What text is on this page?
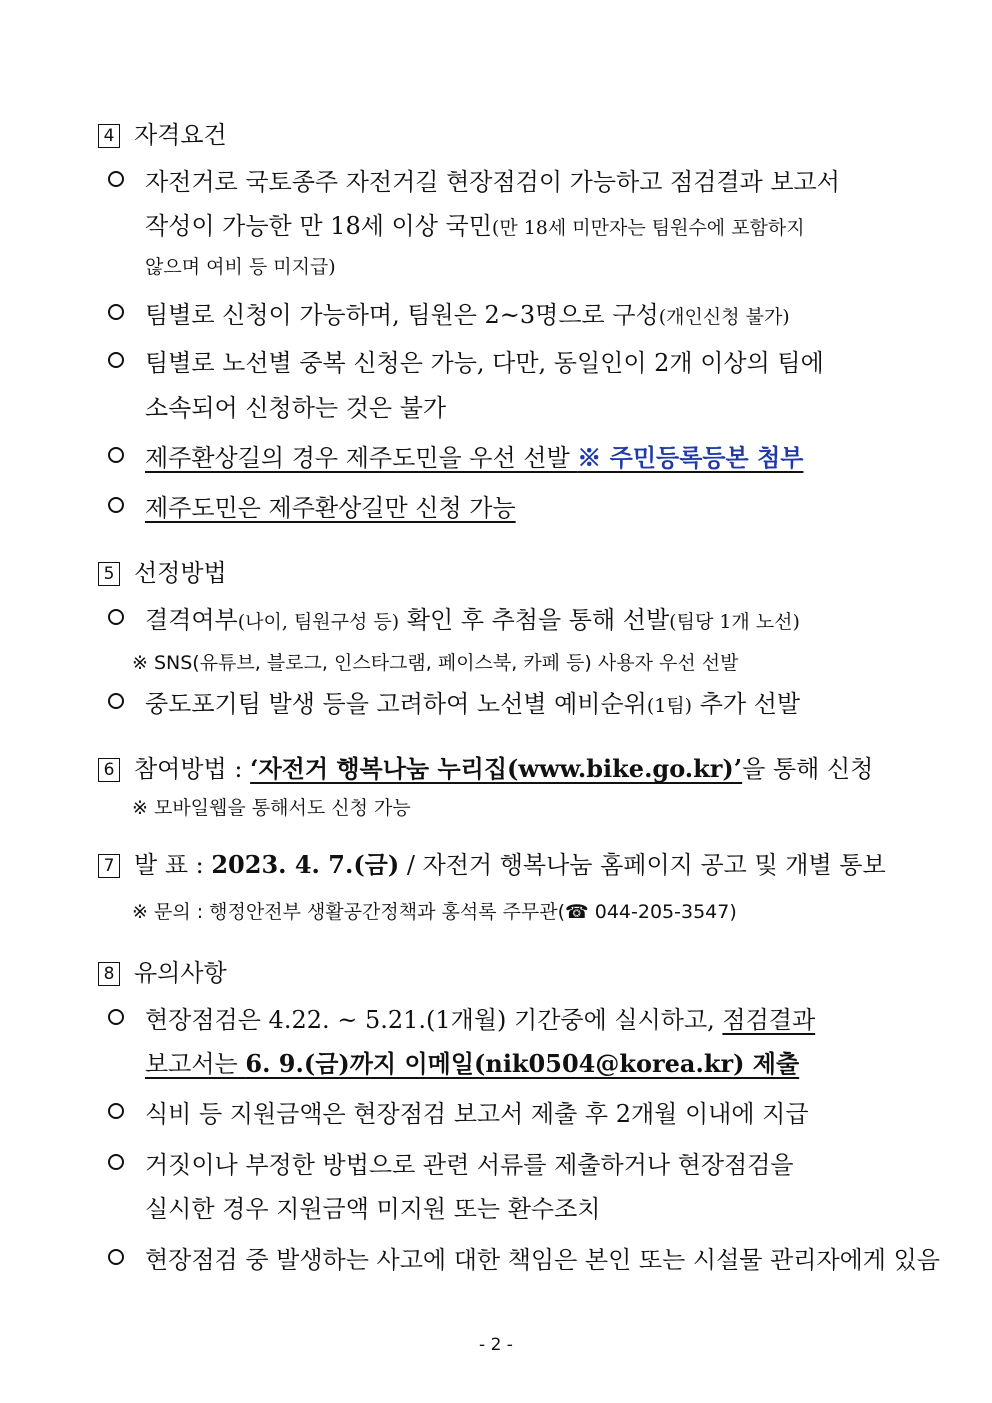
4 자격요건
자전거로 국토종주 자전거길 현장점검이 가능하고 점검결과 보고서
작성이 가능한 만 18세 이상 국민(만 18세 미만자는 팀원수에 포함하지
않으며 여비 등 미지급)
팀별로 신청이 가능하며, 팀원은 2~3명으로 구성(개인신청 불가)
팀별로 노선별 중복 신청은 가능, 다만, 동일인이 2개 이상의 팀에
소속되어 신청하는 것은 불가
제주환상길의 경우 제주도민을 우선 선발 ※ 주민등록등본 첨부
제주도민은 제주환상길만 신청 가능
5 선정방법
결격여부(나이, 팀원구성 등) 확인 후 추첨을 통해 선발(팀당 1개 노선)
※ SNS(유튜브, 블로그, 인스타그램, 페이스북, 카페 등) 사용자 우선 선발
중도포기팀 발생 등을 고려하여 노선별 예비순위(1팀) 추가 선발
6 참여방법 : ‘자전거 행복나눔 누리집(www.bike.go.kr)’을 통해 신청
※ 모바일웹을 통해서도 신청 가능
7 발 표 : 2023. 4. 7.(금) / 자전거 행복나눔 홈페이지 공고 및 개별 통보
※ 문의 : 행정안전부 생활공간정책과 홍석록 주무관(☎ 044-205-3547)
8 유의사항
현장점검은 4.22. ~ 5.21.(1개월) 기간중에 실시하고, 점검결과
보고서는 6. 9.(금)까지 이메일(nik0504@korea.kr) 제출
식비 등 지원금액은 현장점검 보고서 제출 후 2개월 이내에 지급
거짓이나 부정한 방법으로 관련 서류를 제출하거나 현장점검을
실시한 경우 지원금액 미지원 또는 환수조치
현장점검 중 발생하는 사고에 대한 책임은 본인 또는 시설물 관리자에게 있음
- 2 -
